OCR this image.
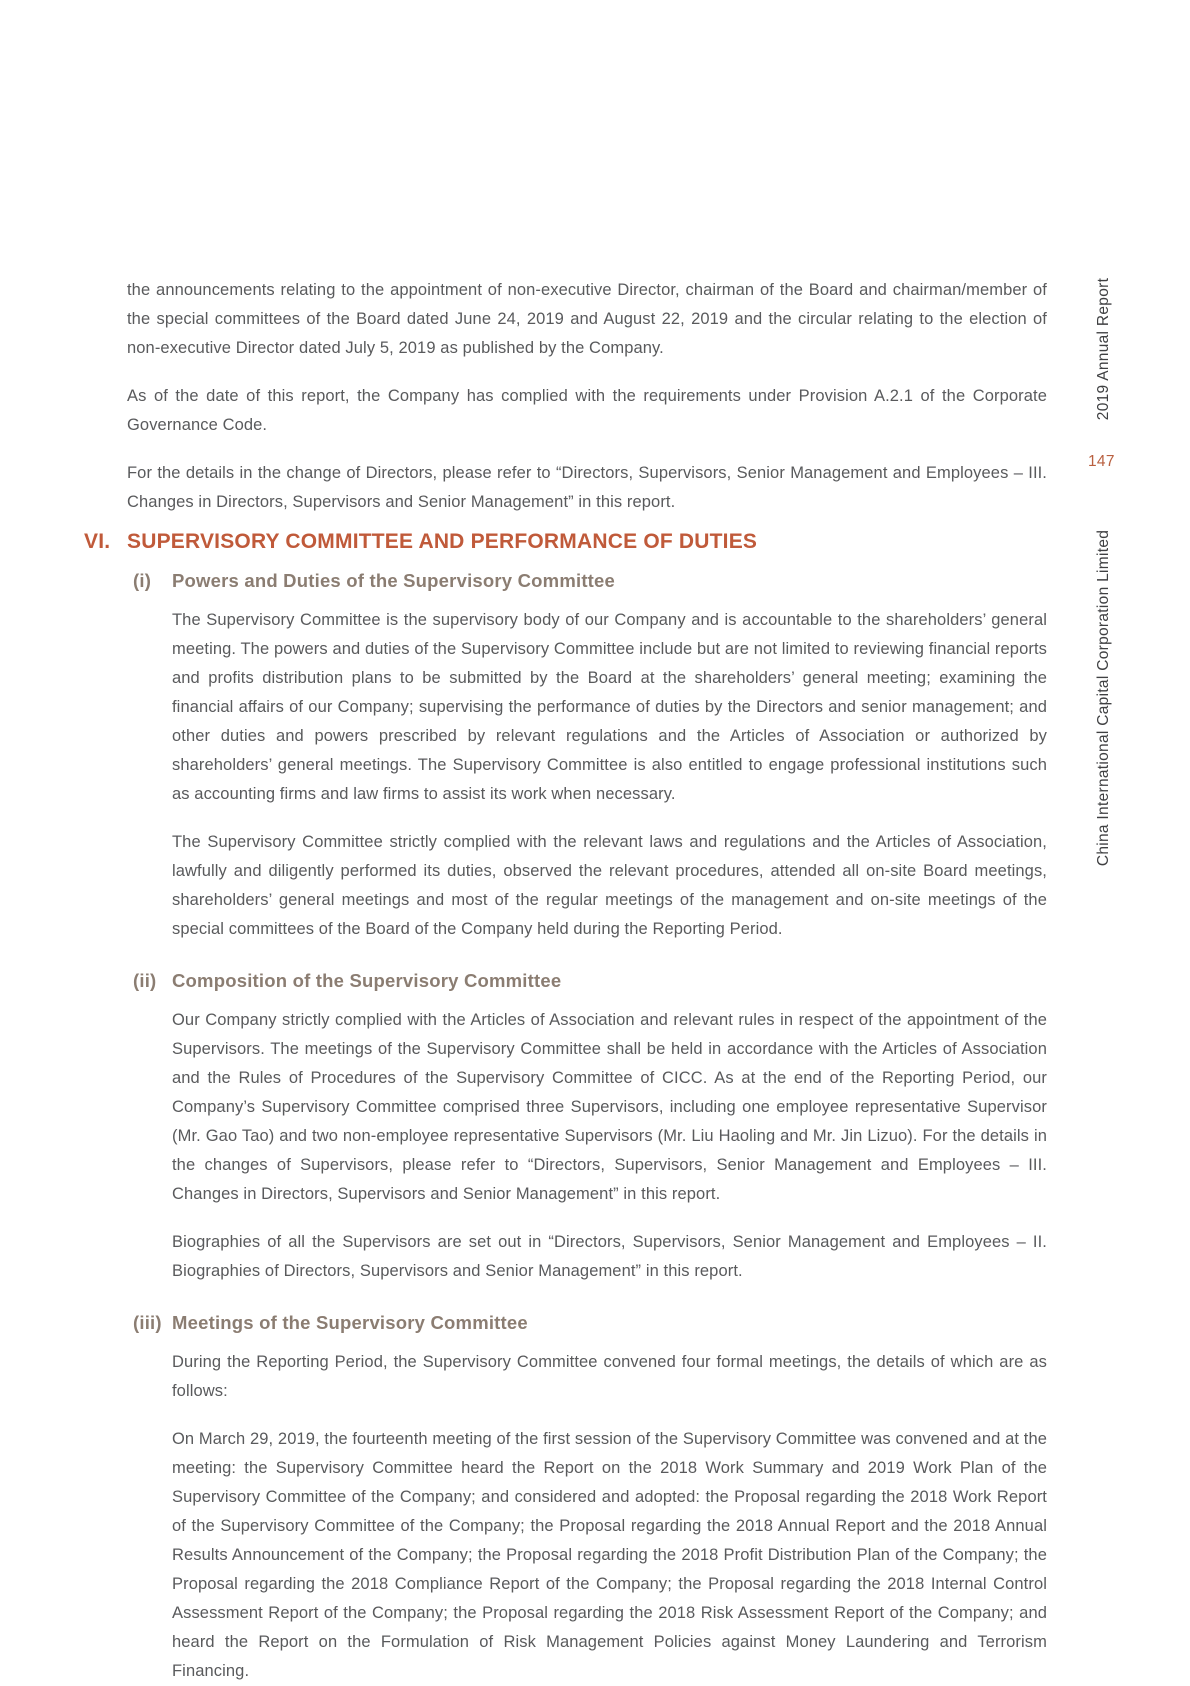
the announcements relating to the appointment of non-executive Director, chairman of the Board and chairman/member of the special committees of the Board dated June 24, 2019 and August 22, 2019 and the circular relating to the election of non-executive Director dated July 5, 2019 as published by the Company.

As of the date of this report, the Company has complied with the requirements under Provision A.2.1 of the Corporate Governance Code.

For the details in the change of Directors, please refer to “Directors, Supervisors, Senior Management and Employees – III. Changes in Directors, Supervisors and Senior Management” in this report.

VI. SUPERVISORY COMMITTEE AND PERFORMANCE OF DUTIES
(i)	Powers and Duties of the Supervisory Committee

The Supervisory Committee is the supervisory body of our Company and is accountable to the shareholders’ general meeting. The powers and duties of the Supervisory Committee include but are not limited to reviewing financial reports and profits distribution plans to be submitted by the Board at the shareholders’ general meeting; examining the financial affairs of our Company; supervising the performance of duties by the Directors and senior management; and other duties and powers prescribed by relevant regulations and the Articles of Association or authorized by shareholders’ general meetings. The Supervisory Committee is also entitled to engage professional institutions such as accounting firms and law firms to assist its work when necessary.

The Supervisory Committee strictly complied with the relevant laws and regulations and the Articles of Association, lawfully and diligently performed its duties, observed the relevant procedures, attended all on-site Board meetings, shareholders’ general meetings and most of the regular meetings of the management and on-site meetings of the special committees of the Board of the Company held during the Reporting Period.

(ii) Composition of the Supervisory Committee

Our Company strictly complied with the Articles of Association and relevant rules in respect of the appointment of the Supervisors. The meetings of the Supervisory Committee shall be held in accordance with the Articles of Association and the Rules of Procedures of the Supervisory Committee of CICC. As at the end of the Reporting Period, our Company’s Supervisory Committee comprised three Supervisors, including one employee representative Supervisor (Mr. Gao Tao) and two non-employee representative Supervisors (Mr. Liu Haoling and Mr. Jin Lizuo). For the details in the changes of Supervisors, please refer to “Directors, Supervisors, Senior Management and Employees – III. Changes in Directors, Supervisors and Senior Management” in this report.

Biographies of all the Supervisors are set out in “Directors, Supervisors, Senior Management and Employees – II. Biographies of Directors, Supervisors and Senior Management” in this report.

(iii) Meetings of the Supervisory Committee

During the Reporting Period, the Supervisory Committee convened four formal meetings, the details of which are as follows:

On March 29, 2019, the fourteenth meeting of the first session of the Supervisory Committee was convened and at the meeting: the Supervisory Committee heard the Report on the 2018 Work Summary and 2019 Work Plan of the Supervisory Committee of the Company; and considered and adopted: the Proposal regarding the 2018 Work Report of the Supervisory Committee of the Company; the Proposal regarding the 2018 Annual Report and the 2018 Annual Results Announcement of the Company; the Proposal regarding the 2018 Profit Distribution Plan of the Company; the Proposal regarding the 2018 Compliance Report of the Company; the Proposal regarding the 2018 Internal Control Assessment Report of the Company; the Proposal regarding the 2018 Risk Assessment Report of the Company; and heard the Report on the Formulation of Risk Management Policies against Money Laundering and Terrorism Financing.

2019 Annual Report
147
China International Capital Corporation Limited
